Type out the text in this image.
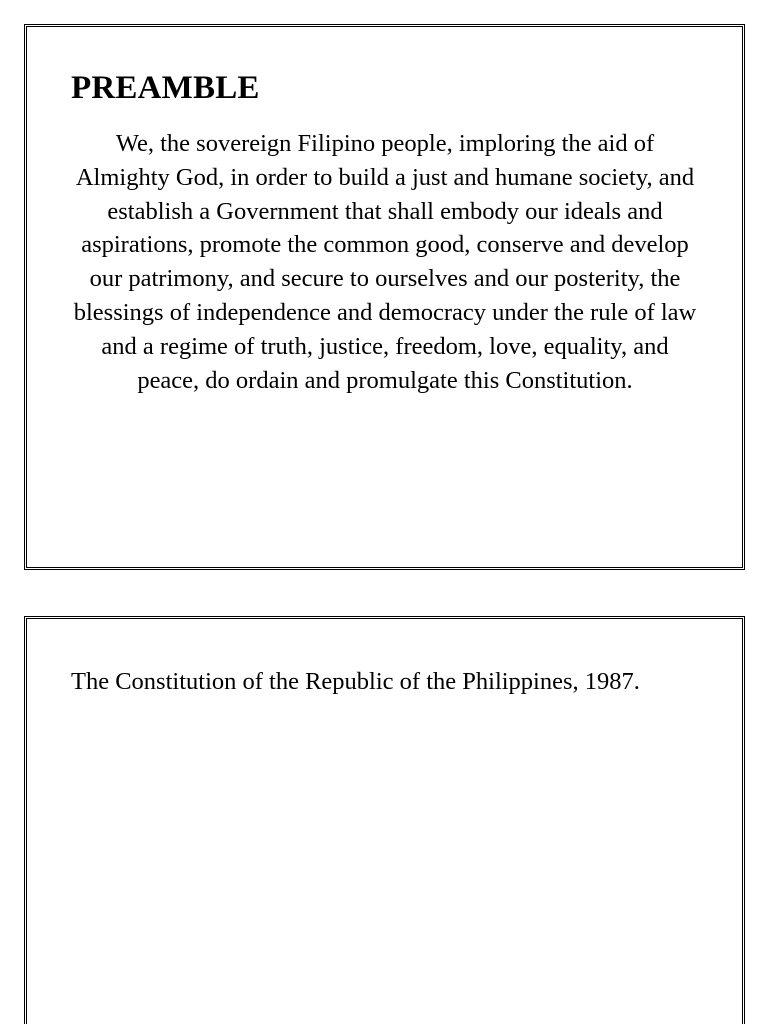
PREAMBLE

We, the sovereign Filipino people, imploring the aid of Almighty God, in order to build a just and humane society, and establish a Government that shall embody our ideals and aspirations, promote the common good, conserve and develop our patrimony, and secure to ourselves and our posterity, the blessings of independence and democracy under the rule of law and a regime of truth, justice, freedom, love, equality, and peace, do ordain and promulgate this Constitution.

The Constitution of the Republic of the Philippines, 1987.
